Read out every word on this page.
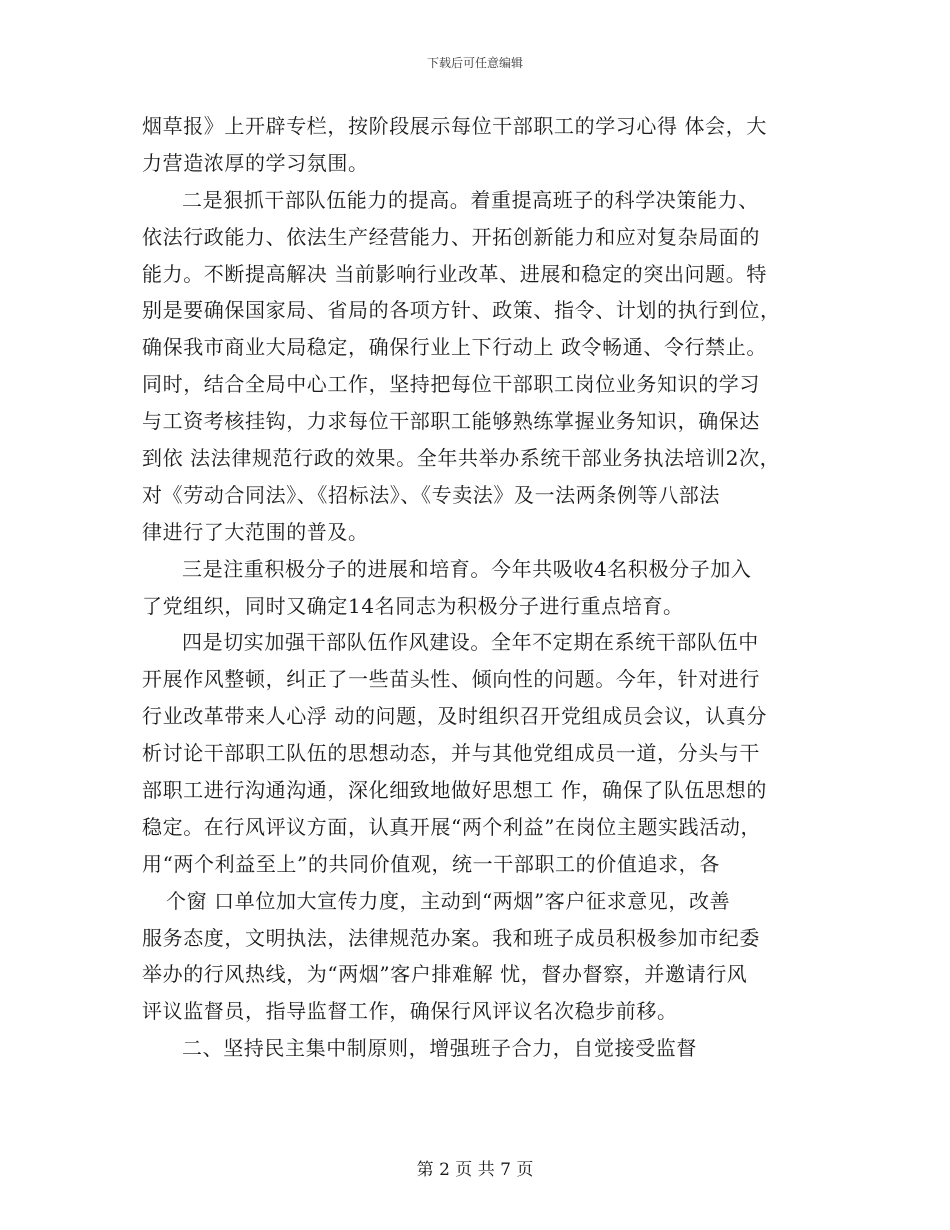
下载后可任意编辑
烟草报》上开辟专栏，按阶段展示每位干部职工的学习心得 体会，大
力营造浓厚的学习氛围。
二是狠抓干部队伍能力的提高。着重提高班子的科学决策能力、
依法行政能力、依法生产经营能力、开拓创新能力和应对复杂局面的
能力。不断提高解决 当前影响行业改革、进展和稳定的突出问题。特
别是要确保国家局、省局的各项方针、政策、指令、计划的执行到位，
确保我市商业大局稳定，确保行业上下行动上 政令畅通、令行禁止。
同时，结合全局中心工作，坚持把每位干部职工岗位业务知识的学习
与工资考核挂钩，力求每位干部职工能够熟练掌握业务知识，确保达
到依 法法律规范行政的效果。全年共举办系统干部业务执法培训2次，
对《劳动合同法》、《招标法》、《专卖法》及一法两条例等八部法
律进行了大范围的普及。
三是注重积极分子的进展和培育。今年共吸收4名积极分子加入
了党组织，同时又确定14名同志为积极分子进行重点培育。
四是切实加强干部队伍作风建设。全年不定期在系统干部队伍中
开展作风整顿，纠正了一些苗头性、倾向性的问题。今年，针对进行
行业改革带来人心浮 动的问题，及时组织召开党组成员会议，认真分
析讨论干部职工队伍的思想动态，并与其他党组成员一道，分头与干
部职工进行沟通沟通，深化细致地做好思想工 作，确保了队伍思想的
稳定。在行风评议方面，认真开展“两个利益”在岗位主题实践活动，
用“两个利益至上”的共同价值观，统一干部职工的价值追求，各
个窗 口单位加大宣传力度，主动到“两烟”客户征求意见，改善
服务态度，文明执法，法律规范办案。我和班子成员积极参加市纪委
举办的行风热线，为“两烟”客户排难解 忧，督办督察，并邀请行风
评议监督员，指导监督工作，确保行风评议名次稳步前移。
二、坚持民主集中制原则，增强班子合力，自觉接受监督
第 2 页 共 7 页
